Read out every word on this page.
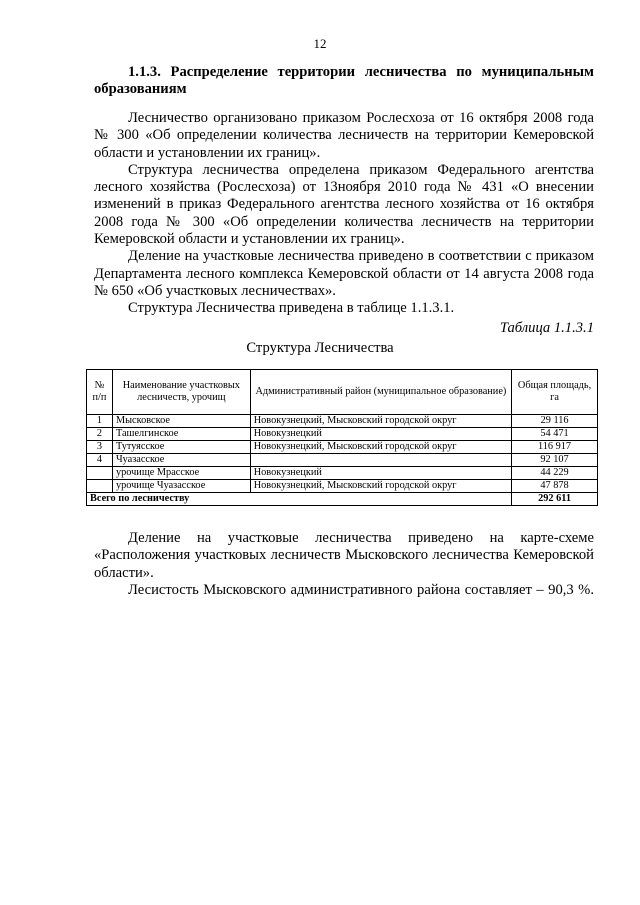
12
1.1.3. Распределение территории лесничества по муниципальным образованиям

Лесничество организовано приказом Рослесхоза от 16 октября 2008 года № 300 «Об определении количества лесничеств на территории Кемеровской области и установлении их границ».

Структура лесничества определена приказом Федерального агентства лесного хозяйства (Рослесхоза) от 13ноября 2010 года № 431 «О внесении изменений в приказ Федерального агентства лесного хозяйства от 16 октября 2008 года № 300 «Об определении количества лесничеств на территории Кемеровской области и установлении их границ».

Деление на участковые лесничества приведено в соответствии с приказом Департамента лесного комплекса Кемеровской области от 14 августа 2008 года № 650 «Об участковых лесничествах».

Структура Лесничества приведена в таблице 1.1.3.1.

Таблица 1.1.3.1
Структура Лесничества
№ п/п	Наименование участковых лесничеств, урочищ	Административный район (муниципальное образование)	Общая площадь, га
1	Мысковское	Новокузнецкий, Мысковский городской округ	29 116
2	Ташелгинское	Новокузнецкий	54 471
3	Тутуясское	Новокузнецкий, Мысковский городской округ	116 917
4	Чуазасское		92 107
	урочище Мрасское	Новокузнецкий	44 229
	урочище Чуазасское	Новокузнецкий, Мысковский городской округ	47 878
Всего по лесничеству			292 611

Деление на участковые лесничества приведено на карте-схеме «Расположения участковых лесничеств Мысковского лесничества Кемеровской области».

Лесистость Мысковского административного района составляет – 90,3 %.
